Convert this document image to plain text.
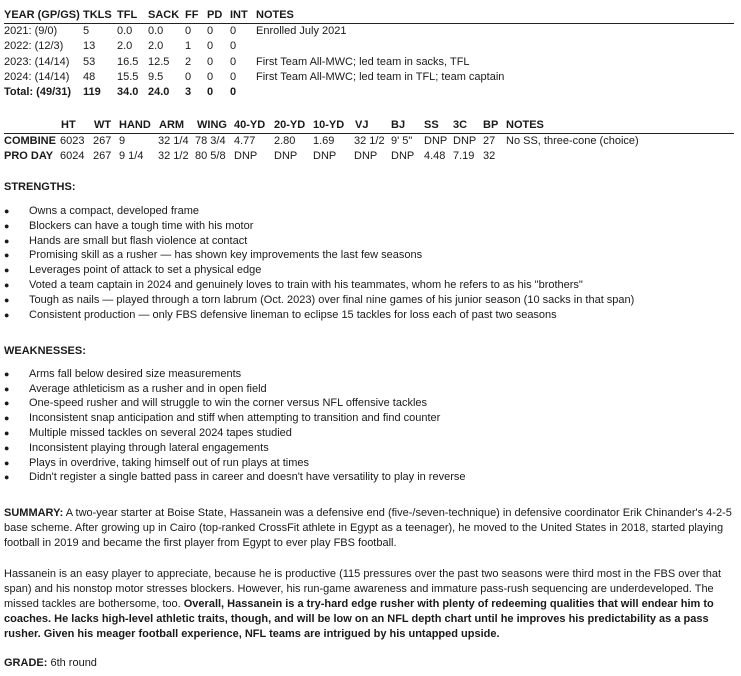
YEAR (GP/GS) TKLS TFL SACK FF PD INT NOTES
2021: (9/0) 5	0.0 0.0 0 0 0 Enrolled July 2021
2022: (12/3) 13 2.0 2.0 1 0 0
2023: (14/14) 53 16.5 12.5 2 0 0 First Team All-MWC; led team in sacks, TFL
2024: (14/14) 48 15.5 9.5 0 0 0 First Team All-MWC; led team in TFL; team captain
Total: (49/31) 119 34.0 24.0 3 0 0
HT WT HAND ARM WING 40-YD 20-YD 10-YD VJ BJ SS 3C BP NOTES
COMBINE 6023 267 9	32 1/4 78 3/4 4.77 2.80 1.69 32 1/2 9' 5" DNP DNP 27 No SS, three-cone (choice)
PRO DAY 6024 267 9 1/4 32 1/2 80 5/8 DNP DNP DNP DNP DNP 4.48 7.19 32
STRENGTHS:
● Owns a compact, developed frame
● Blockers can have a tough time with his motor
● Hands are small but flash violence at contact
● Promising skill as a rusher — has shown key improvements the last few seasons
● Leverages point of attack to set a physical edge
● Voted a team captain in 2024 and genuinely loves to train with his teammates, whom he refers to as his "brothers"
● Tough as nails — played through a torn labrum (Oct. 2023) over final nine games of his junior season (10 sacks in that span)
● Consistent production — only FBS defensive lineman to eclipse 15 tackles for loss each of past two seasons
WEAKNESSES:
● Arms fall below desired size measurements
● Average athleticism as a rusher and in open field
● One-speed rusher and will struggle to win the corner versus NFL offensive tackles
● Inconsistent snap anticipation and stiff when attempting to transition and find counter
● Multiple missed tackles on several 2024 tapes studied
● Inconsistent playing through lateral engagements
● Plays in overdrive, taking himself out of run plays at times
● Didn't register a single batted pass in career and doesn't have versatility to play in reverse
SUMMARY: A two-year starter at Boise State, Hassanein was a defensive end (five-/seven-technique) in defensive coordinator Erik Chinander's 4-2-5 base scheme. After growing up in Cairo (top-ranked CrossFit athlete in Egypt as a teenager), he moved to the United States in 2018, started playing football in 2019 and became the first player from Egypt to ever play FBS football.
Hassanein is an easy player to appreciate, because he is productive (115 pressures over the past two seasons were third most in the FBS over that span) and his nonstop motor stresses blockers. However, his run-game awareness and immature pass-rush sequencing are underdeveloped. The missed tackles are bothersome, too. Overall, Hassanein is a try-hard edge rusher with plenty of redeeming qualities that will endear him to coaches. He lacks high-level athletic traits, though, and will be low on an NFL depth chart until he improves his predictability as a pass rusher. Given his meager football experience, NFL teams are intrigued by his untapped upside.
GRADE: 6th round
